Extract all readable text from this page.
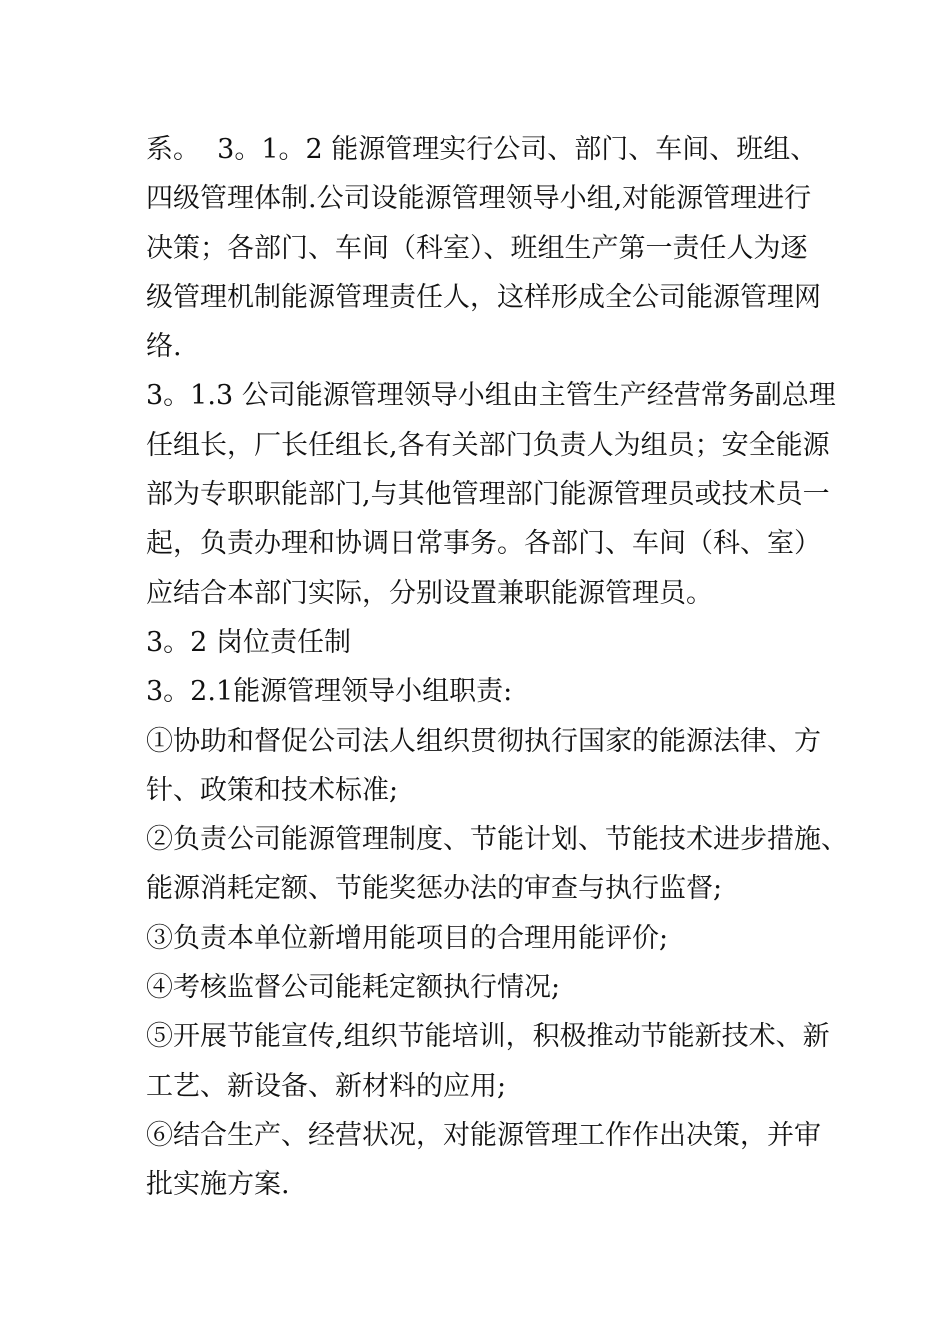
系。  3。1。2 能源管理实行公司、部门、车间、班组、
四级管理体制.公司设能源管理领导小组,对能源管理进行
决策；各部门、车间（科室）、班组生产第一责任人为逐
级管理机制能源管理责任人，这样形成全公司能源管理网
络.
3。1.3 公司能源管理领导小组由主管生产经营常务副总理
任组长，厂长任组长,各有关部门负责人为组员；安全能源
部为专职职能部门,与其他管理部门能源管理员或技术员一
起，负责办理和协调日常事务。各部门、车间（科、室）
应结合本部门实际，分别设置兼职能源管理员。
3。2 岗位责任制
3。2.1能源管理领导小组职责:
①协助和督促公司法人组织贯彻执行国家的能源法律、方
针、政策和技术标准;
②负责公司能源管理制度、节能计划、节能技术进步措施、
能源消耗定额、节能奖惩办法的审查与执行监督;
③负责本单位新增用能项目的合理用能评价;
④考核监督公司能耗定额执行情况;
⑤开展节能宣传,组织节能培训，积极推动节能新技术、新
工艺、新设备、新材料的应用;
⑥结合生产、经营状况，对能源管理工作作出决策，并审
批实施方案.
